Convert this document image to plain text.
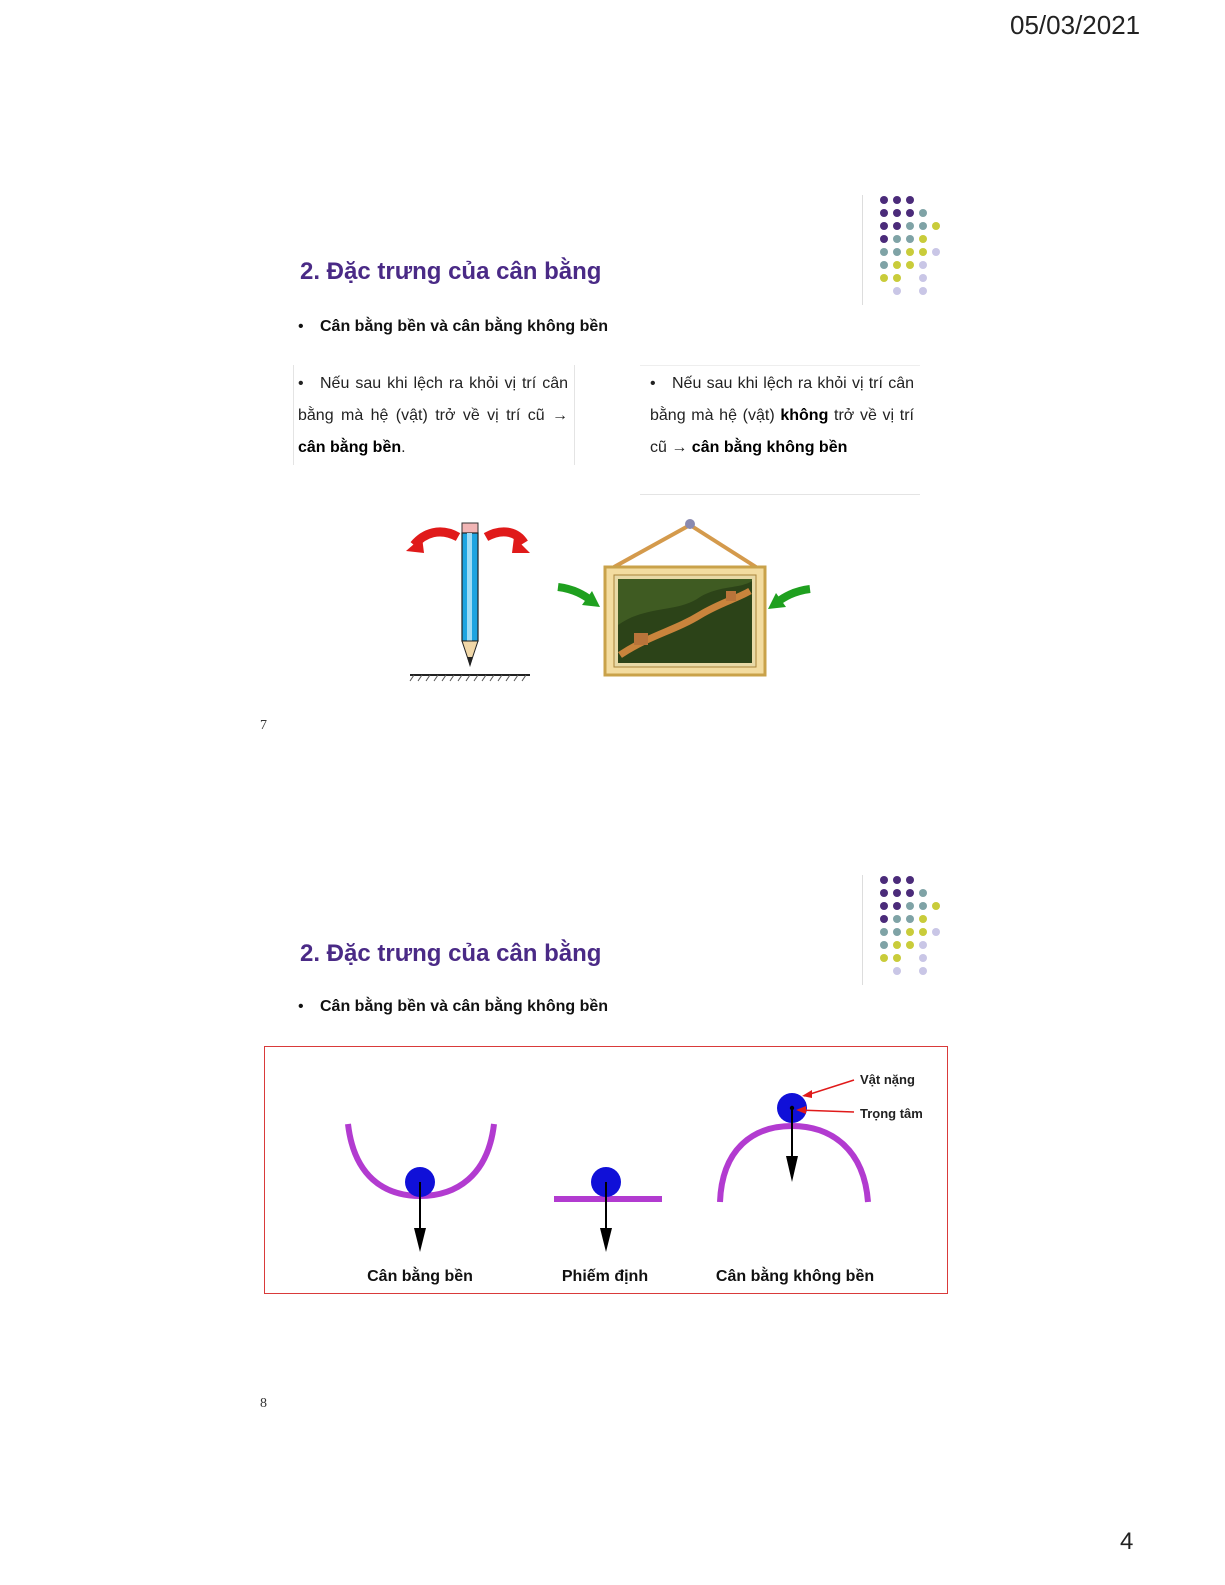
05/03/2021
2. Đặc trưng của cân bằng
• Cân bằng bền và cân bằng không bền
• Nếu sau khi lệch ra khỏi vị trí cân bằng mà hệ (vật) trở về vị trí cũ → cân bằng bền.
• Nếu sau khi lệch ra khỏi vị trí cân bằng mà hệ (vật) không trở về vị trí cũ → cân bằng không bền
7
2. Đặc trưng của cân bằng
• Cân bằng bền và cân bằng không bền
Vật nặng
Trọng tâm
Cân bằng bền	Phiếm định	Cân bằng không bền
8
4
